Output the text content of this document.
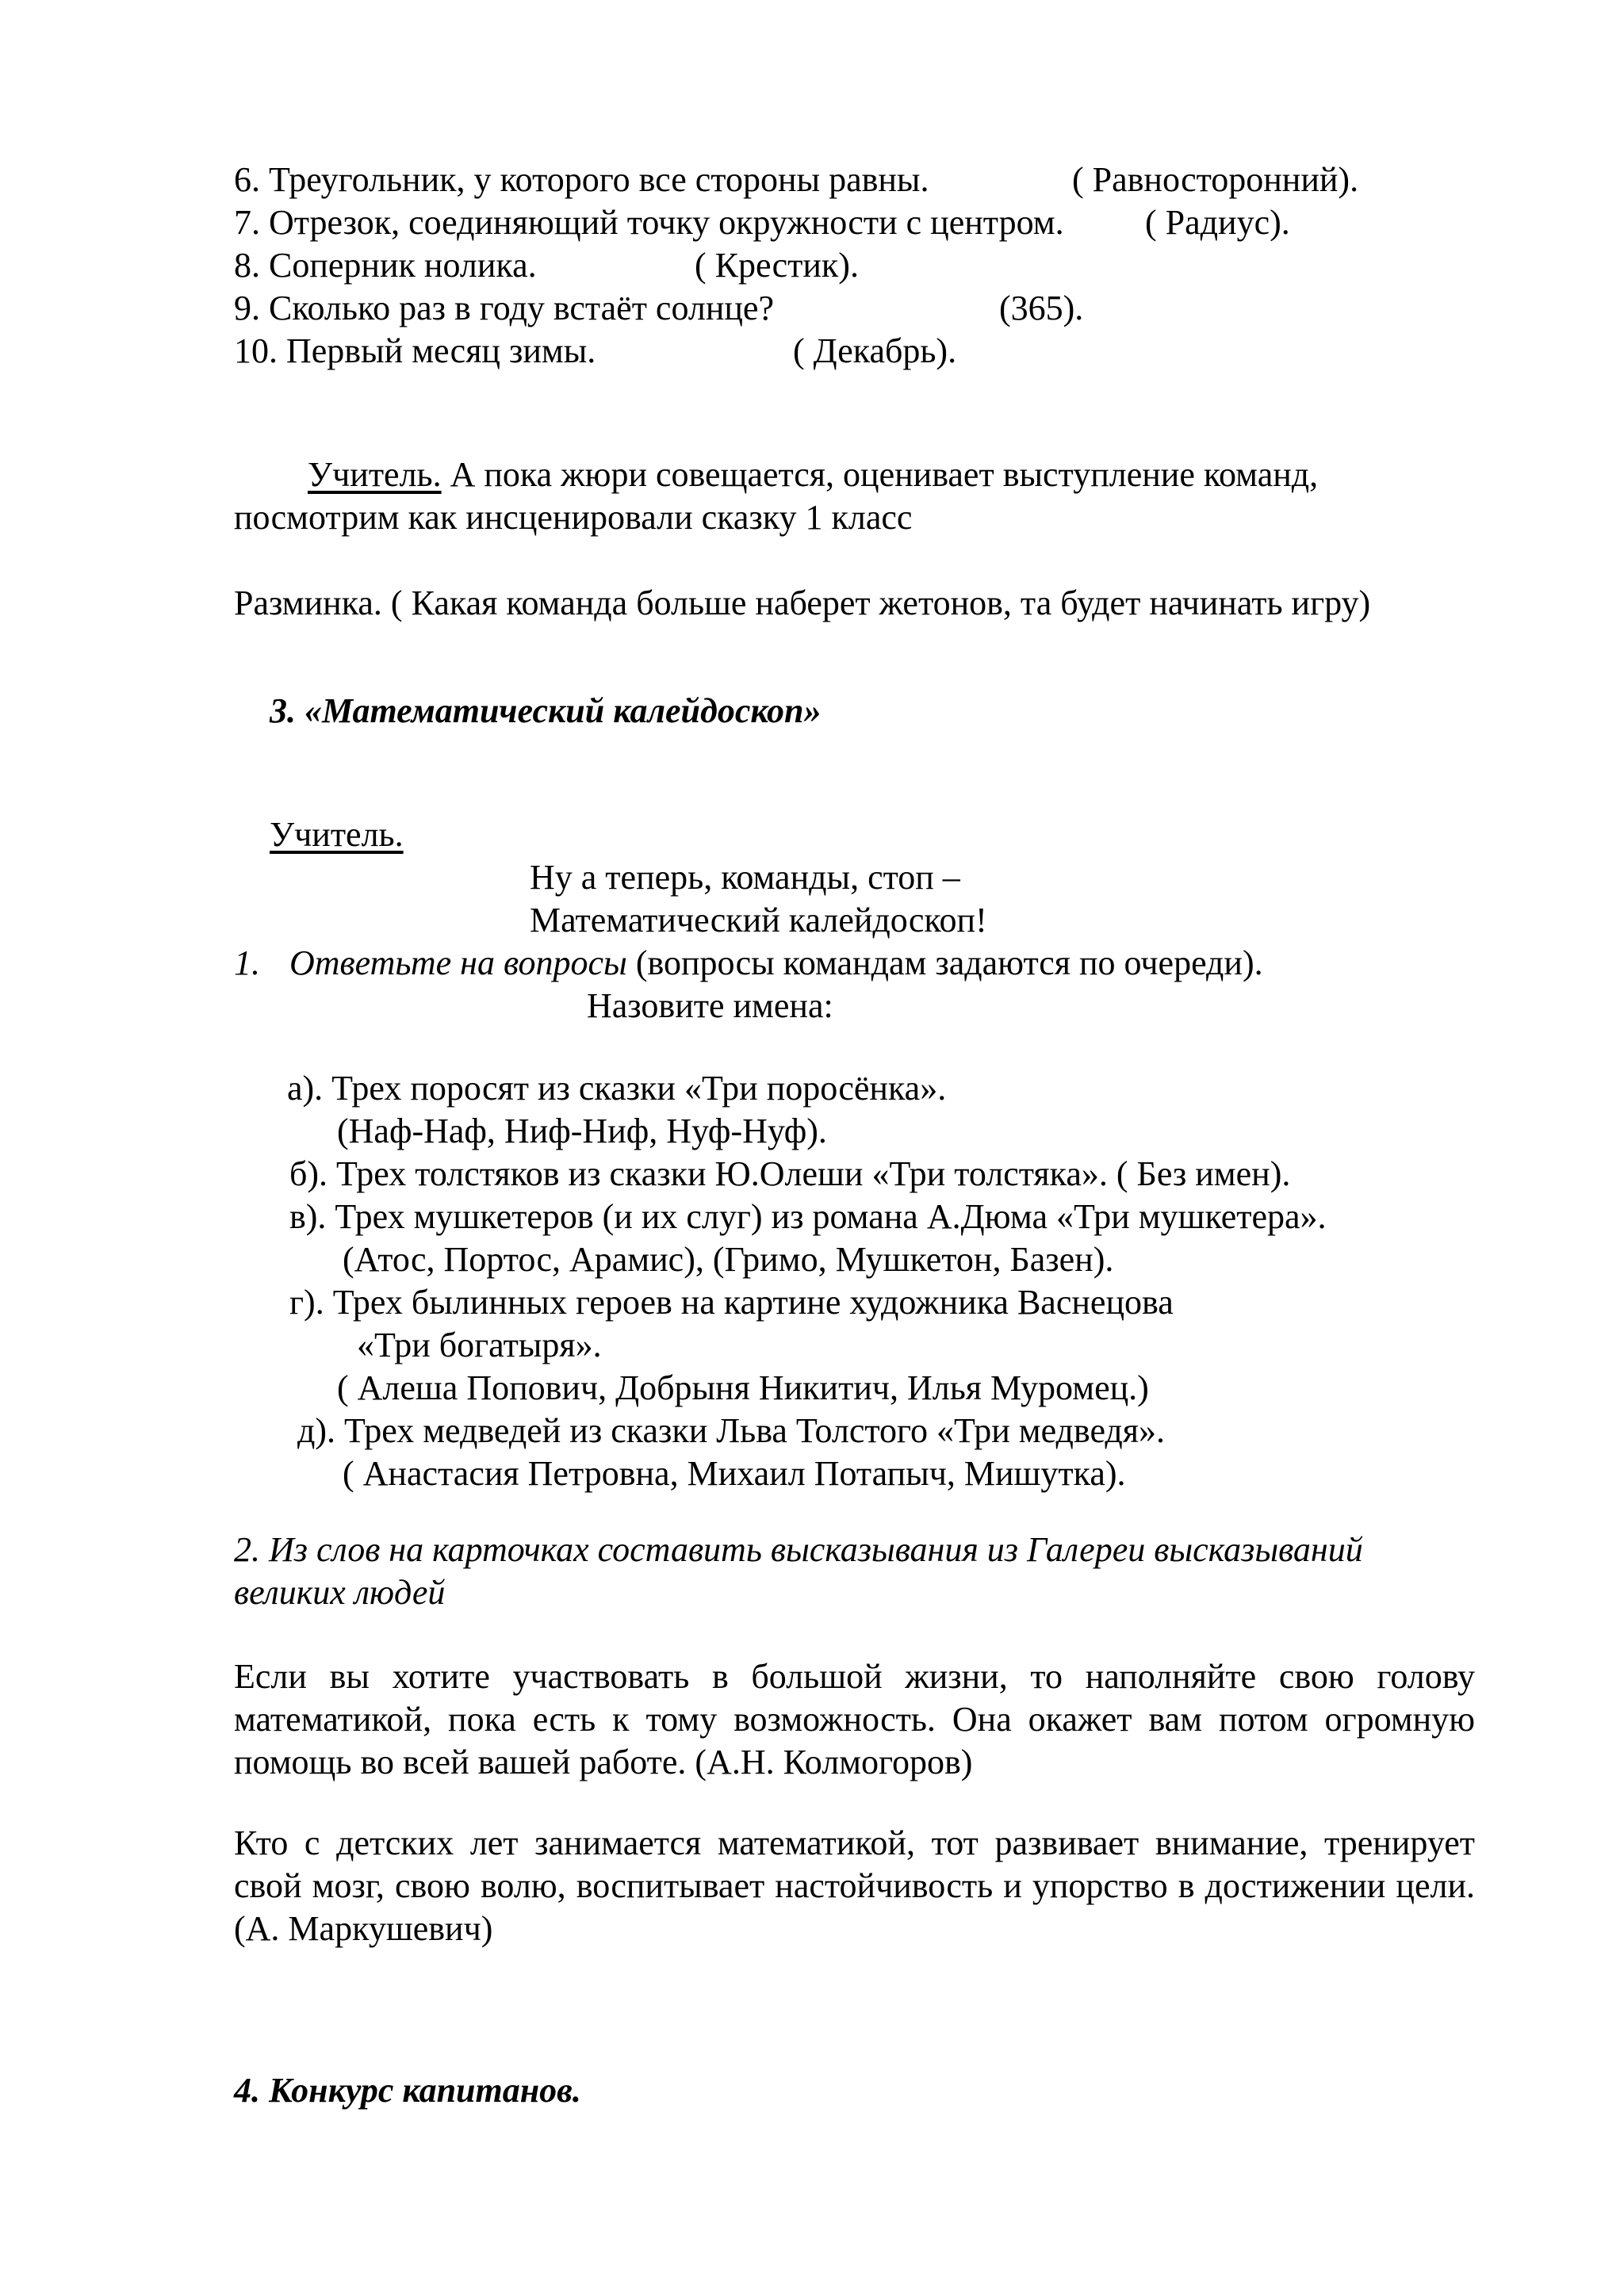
6. Треугольник, у которого все стороны равны.	( Равносторонний).
7. Отрезок, соединяющий точку окружности с центром. ( Радиус).
8. Соперник нолика.	( Крестик).
9. Сколько раз в году встаёт солнце?	(365).
10. Первый месяц зимы.	( Декабрь).
Учитель. А пока жюри совещается, оценивает выступление команд,
посмотрим как инсценировали сказку 1 класс
Разминка. ( Какая команда больше наберет жетонов, та будет начинать игру)
3. «Математический калейдоскоп»
Учитель.
Ну а теперь, команды, стоп –
Математический калейдоскоп!
1. Ответьте на вопросы (вопросы командам задаются по очереди).
Назовите имена:
а). Трех поросят из сказки «Три поросёнка».
(Наф-Наф, Ниф-Ниф, Нуф-Нуф).
б). Трех толстяков из сказки Ю.Олеши «Три толстяка». ( Без имен).
в). Трех мушкетеров (и их слуг) из романа А.Дюма «Три мушкетера».
(Атос, Портос, Арамис), (Гримо, Мушкетон, Базен).
г). Трех былинных героев на картине художника Васнецова
«Три богатыря».
( Алеша Попович, Добрыня Никитич, Илья Муромец.)
д). Трех медведей из сказки Льва Толстого «Три медведя».
( Анастасия Петровна, Михаил Потапыч, Мишутка).
2. Из слов на карточках составить высказывания из Галереи высказываний
великих людей
Если вы хотите участвовать в большой жизни, то наполняйте свою голову математикой, пока есть к тому возможность. Она окажет вам потом огромную помощь во всей вашей работе. (А.Н. Колмогоров)
Кто с детских лет занимается математикой, тот развивает внимание, тренирует свой мозг, свою волю, воспитывает настойчивость и упорство в достижении цели. (А. Маркушевич)
4. Конкурс капитанов.
